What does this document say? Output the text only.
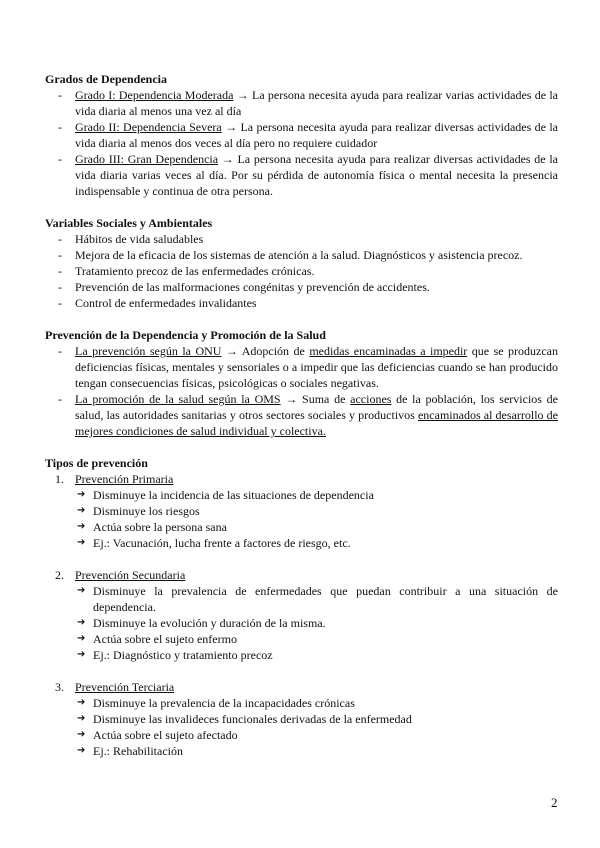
Grados de Dependencia
- Grado I: Dependencia Moderada → La persona necesita ayuda para realizar varias actividades de la vida diaria al menos una vez al día
- Grado II: Dependencia Severa → La persona necesita ayuda para realizar diversas actividades de la vida diaria al menos dos veces al día pero no requiere cuidador
- Grado III: Gran Dependencia → La persona necesita ayuda para realizar diversas actividades de la vida diaria varias veces al día. Por su pérdida de autonomía física o mental necesita la presencia indispensable y continua de otra persona.
Variables Sociales y Ambientales
- Hábitos de vida saludables
- Mejora de la eficacia de los sistemas de atención a la salud. Diagnósticos y asistencia precoz.
- Tratamiento precoz de las enfermedades crónicas.
- Prevención de las malformaciones congénitas y prevención de accidentes.
- Control de enfermedades invalidantes
Prevención de la Dependencia y Promoción de la Salud
- La prevención según la ONU → Adopción de medidas encaminadas a impedir que se produzcan deficiencias físicas, mentales y sensoriales o a impedir que las deficiencias cuando se han producido tengan consecuencias físicas, psicológicas o sociales negativas.
- La promoción de la salud según la OMS → Suma de acciones de la población, los servicios de salud, las autoridades sanitarias y otros sectores sociales y productivos encaminados al desarrollo de mejores condiciones de salud individual y colectiva.
Tipos de prevención
1. Prevención Primaria
➔ Disminuye la incidencia de las situaciones de dependencia
➔ Disminuye los riesgos
➔ Actúa sobre la persona sana
➔ Ej.: Vacunación, lucha frente a factores de riesgo, etc.
2. Prevención Secundaria
➔ Disminuye la prevalencia de enfermedades que puedan contribuir a una situación de dependencia.
➔ Disminuye la evolución y duración de la misma.
➔ Actúa sobre el sujeto enfermo
➔ Ej.: Diagnóstico y tratamiento precoz
3. Prevención Terciaria
➔ Disminuye la prevalencia de la incapacidades crónicas
➔ Disminuye las invalideces funcionales derivadas de la enfermedad
➔ Actúa sobre el sujeto afectado
➔ Ej.: Rehabilitación
2
